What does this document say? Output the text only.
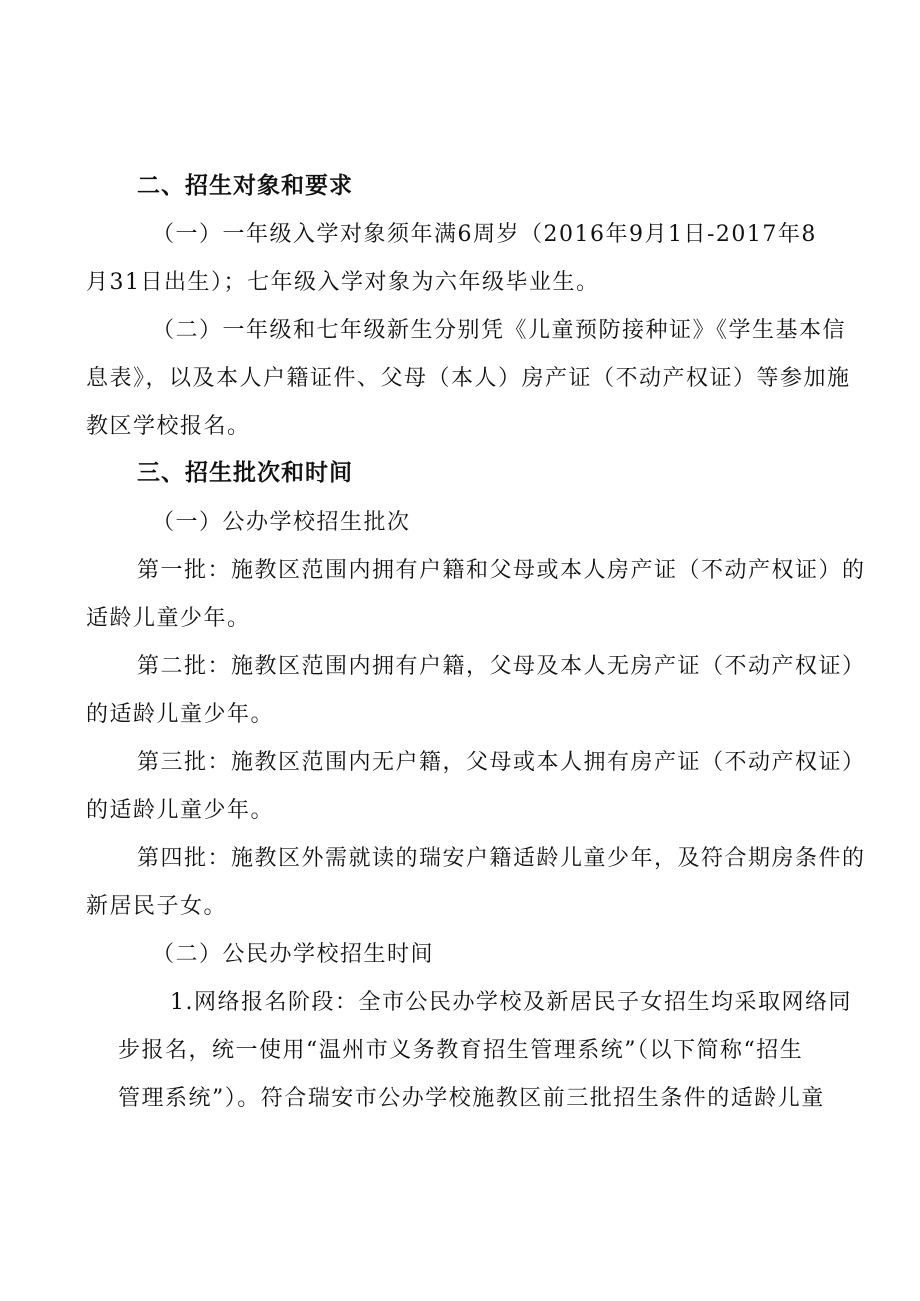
二、招生对象和要求
（一）一年级入学对象须年满6周岁（2016年9月1日-2017年8
月31日出生）；七年级入学对象为六年级毕业生。
（二）一年级和七年级新生分别凭《儿童预防接种证》《学生基本信
息表》，以及本人户籍证件、父母（本人）房产证（不动产权证）等参加施
教区学校报名。
三、招生批次和时间
（一）公办学校招生批次
第一批：施教区范围内拥有户籍和父母或本人房产证（不动产权证）的
适龄儿童少年。
第二批：施教区范围内拥有户籍，父母及本人无房产证（不动产权证）
的适龄儿童少年。
第三批：施教区范围内无户籍，父母或本人拥有房产证（不动产权证）
的适龄儿童少年。
第四批：施教区外需就读的瑞安户籍适龄儿童少年，及符合期房条件的
新居民子女。
（二）公民办学校招生时间
1.网络报名阶段：全市公民办学校及新居民子女招生均采取网络同
步报名，统一使用“温州市义务教育招生管理系统”（以下简称“招生
管理系统”）。符合瑞安市公办学校施教区前三批招生条件的适龄儿童
